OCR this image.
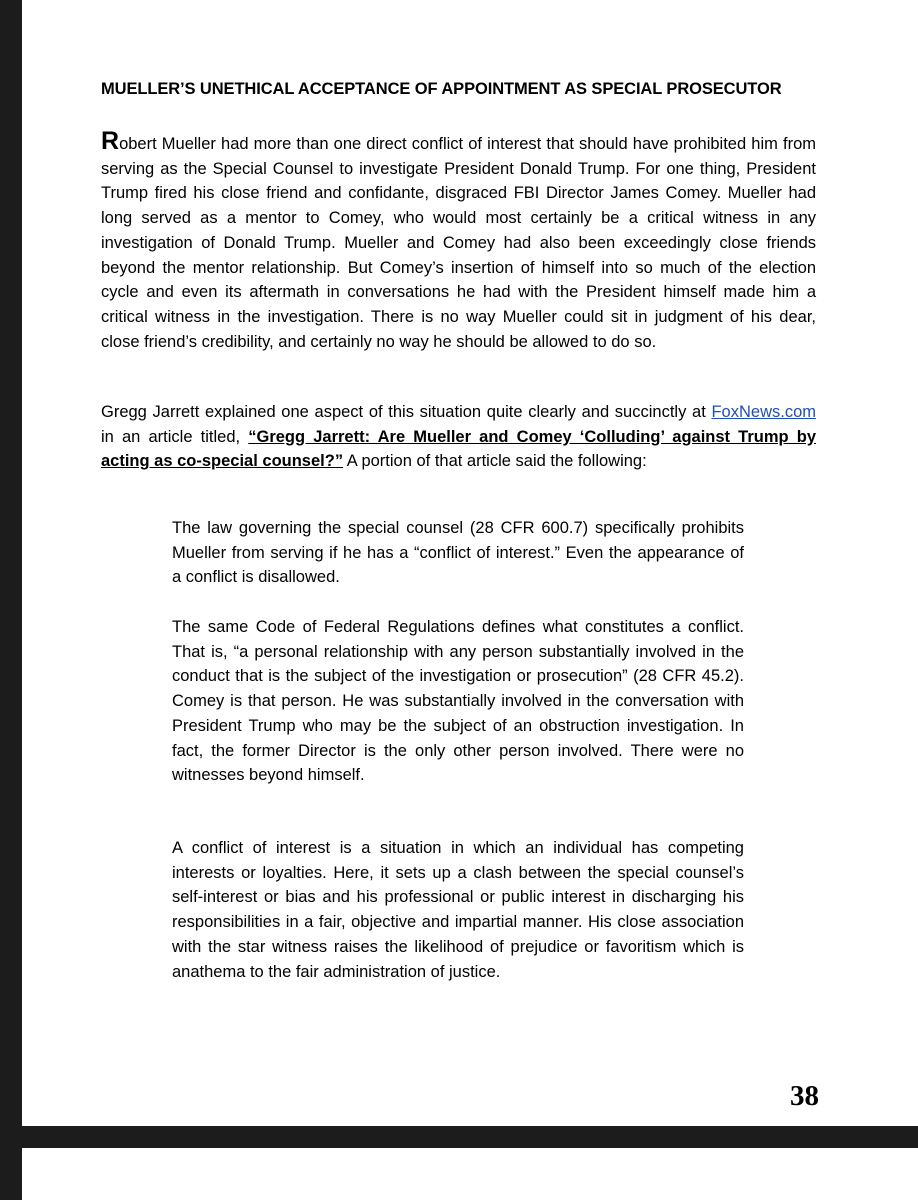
MUELLER’S UNETHICAL ACCEPTANCE OF APPOINTMENT AS SPECIAL PROSECUTOR

Robert Mueller had more than one direct conflict of interest that should have prohibited him from serving as the Special Counsel to investigate President Donald Trump. For one thing, President Trump fired his close friend and confidante, disgraced FBI Director James Comey. Mueller had long served as a mentor to Comey, who would most certainly be a critical witness in any investigation of Donald Trump. Mueller and Comey had also been exceedingly close friends beyond the mentor relationship. But Comey’s insertion of himself into so much of the election cycle and even its aftermath in conversations he had with the President himself made him a critical witness in the investigation. There is no way Mueller could sit in judgment of his dear, close friend’s credibility, and certainly no way he should be allowed to do so.

Gregg Jarrett explained one aspect of this situation quite clearly and succinctly at FoxNews.com in an article titled, “Gregg Jarrett: Are Mueller and Comey ‘Colluding’ against Trump by acting as co-special counsel?” A portion of that article said the following:

The law governing the special counsel (28 CFR 600.7) specifically prohibits Mueller from serving if he has a “conflict of interest.” Even the appearance of a conflict is disallowed.

The same Code of Federal Regulations defines what constitutes a conflict. That is, “a personal relationship with any person substantially involved in the conduct that is the subject of the investigation or prosecution” (28 CFR 45.2). Comey is that person. He was substantially involved in the conversation with President Trump who may be the subject of an obstruction investigation. In fact, the former Director is the only other person involved. There were no witnesses beyond himself.

A conflict of interest is a situation in which an individual has competing interests or loyalties. Here, it sets up a clash between the special counsel’s self-interest or bias and his professional or public interest in discharging his responsibilities in a fair, objective and impartial manner. His close association with the star witness raises the likelihood of prejudice or favoritism which is anathema to the fair administration of justice.

38
